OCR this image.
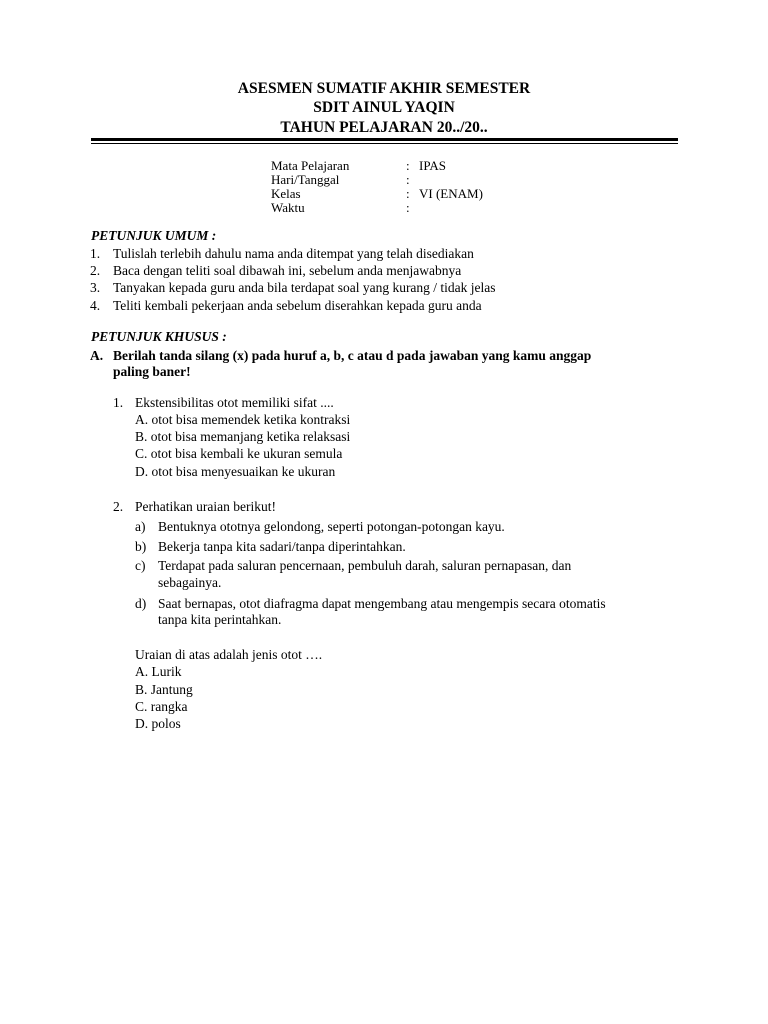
ASESMEN SUMATIF AKHIR SEMESTER
SDIT AINUL YAQIN
TAHUN PELAJARAN 20../20..
Mata Pelajaran	: IPAS
Hari/Tanggal	:
Kelas	: VI (ENAM)
Waktu	:
PETUNJUK UMUM :
1. Tulislah terlebih dahulu nama anda ditempat yang telah disediakan
2. Baca dengan teliti soal dibawah ini, sebelum anda menjawabnya
3. Tanyakan kepada guru anda bila terdapat soal yang kurang / tidak jelas
4. Teliti kembali pekerjaan anda sebelum diserahkan kepada guru anda
PETUNJUK KHUSUS :
A. Berilah tanda silang (x) pada huruf a, b, c atau d pada jawaban yang kamu anggap
paling baner!
1. Ekstensibilitas otot memiliki sifat ....
A. otot bisa memendek ketika kontraksi
B. otot bisa memanjang ketika relaksasi
C. otot bisa kembali ke ukuran semula
D. otot bisa menyesuaikan ke ukuran
2. Perhatikan uraian berikut!
a) Bentuknya ototnya gelondong, seperti potongan-potongan kayu.
b) Bekerja tanpa kita sadari/tanpa diperintahkan.
c) Terdapat pada saluran pencernaan, pembuluh darah, saluran pernapasan, dan
sebagainya.
d) Saat bernapas, otot diafragma dapat mengembang atau mengempis secara otomatis
tanpa kita perintahkan.
Uraian di atas adalah jenis otot ….
A. Lurik
B. Jantung
C. rangka
D. polos
